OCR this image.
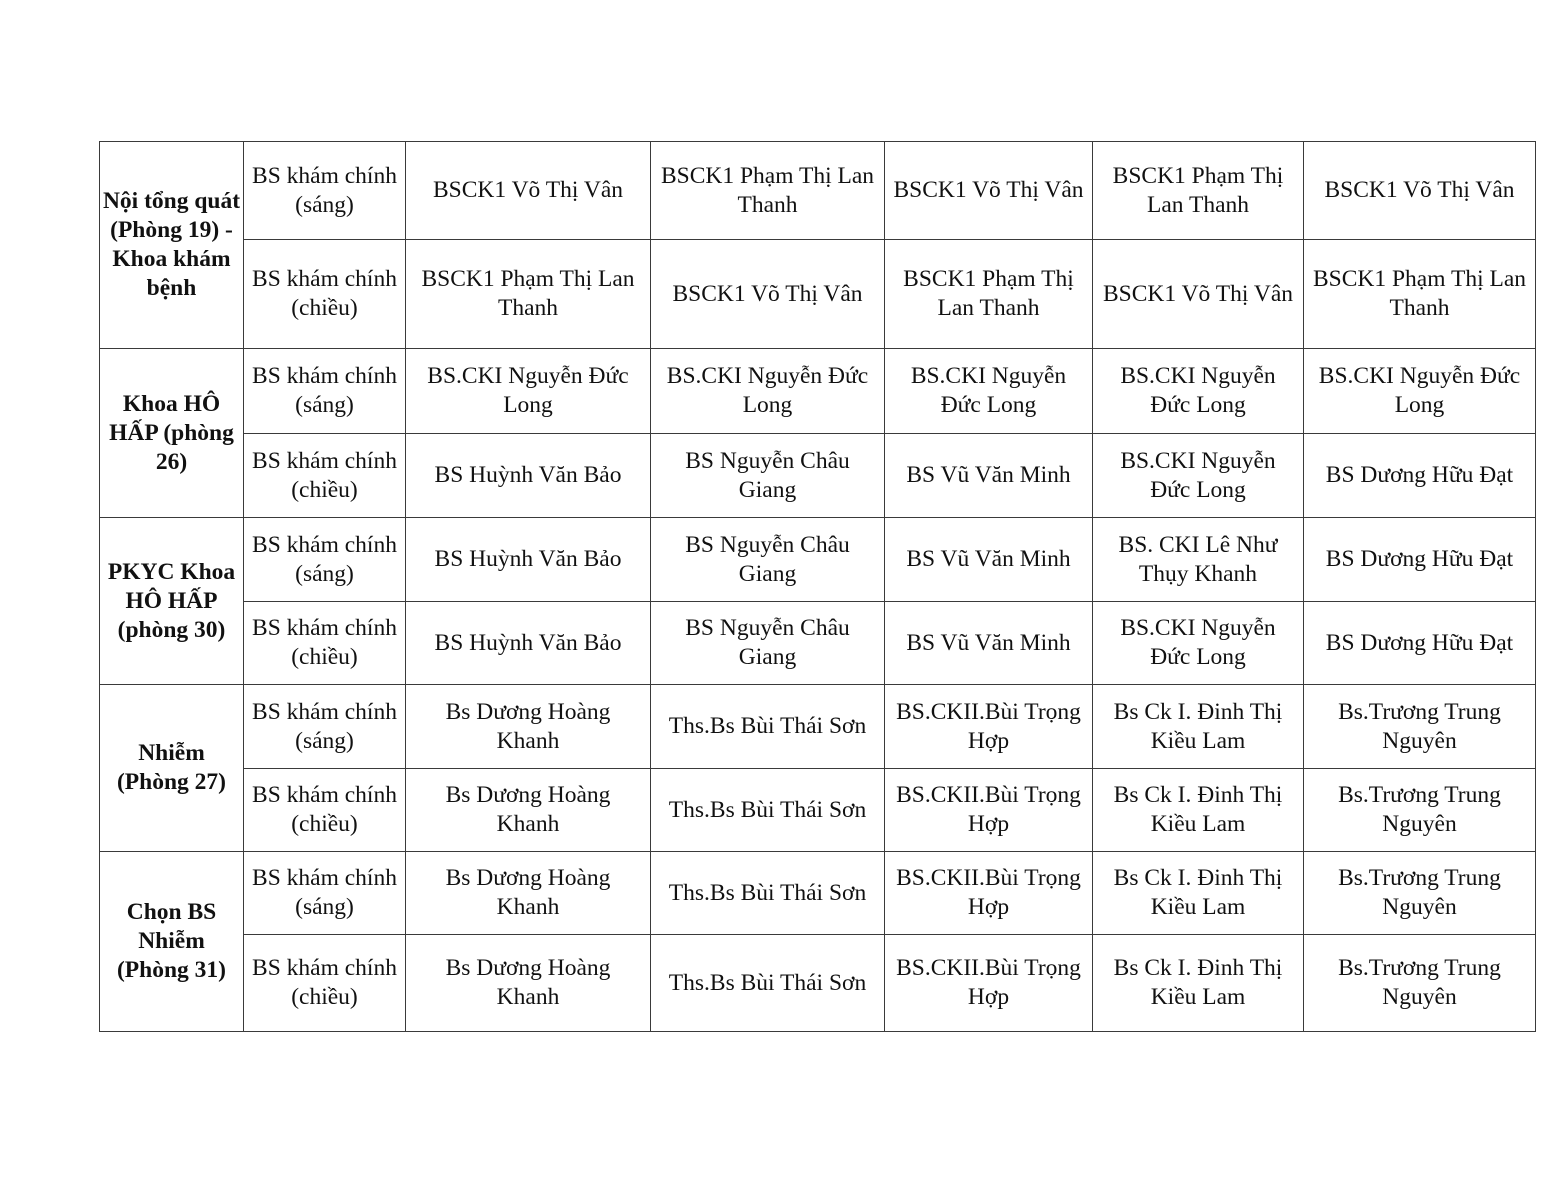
Nội tổng quát (Phòng 19) - Khoa khám bệnh	BS khám chính (sáng)	BSCK1 Võ Thị Vân	BSCK1 Phạm Thị Lan Thanh	BSCK1 Võ Thị Vân	BSCK1 Phạm Thị Lan Thanh	BSCK1 Võ Thị Vân
	BS khám chính (chiều)	BSCK1 Phạm Thị Lan Thanh	BSCK1 Võ Thị Vân	BSCK1 Phạm Thị Lan Thanh	BSCK1 Võ Thị Vân	BSCK1 Phạm Thị Lan Thanh
Khoa HÔ HẤP (phòng 26)	BS khám chính (sáng)	BS.CKI Nguyễn Đức Long	BS.CKI Nguyễn Đức Long	BS.CKI Nguyễn Đức Long	BS.CKI Nguyễn Đức Long	BS.CKI Nguyễn Đức Long
	BS khám chính (chiều)	BS Huỳnh Văn Bảo	BS Nguyễn Châu Giang	BS Vũ Văn Minh	BS.CKI Nguyễn Đức Long	BS Dương Hữu Đạt
PKYC Khoa HÔ HẤP (phòng 30)	BS khám chính (sáng)	BS Huỳnh Văn Bảo	BS Nguyễn Châu Giang	BS Vũ Văn Minh	BS. CKI Lê Như Thụy Khanh	BS Dương Hữu Đạt
	BS khám chính (chiều)	BS Huỳnh Văn Bảo	BS Nguyễn Châu Giang	BS Vũ Văn Minh	BS.CKI Nguyễn Đức Long	BS Dương Hữu Đạt
Nhiễm (Phòng 27)	BS khám chính (sáng)	Bs Dương Hoàng Khanh	Ths.Bs Bùi Thái Sơn	BS.CKII.Bùi Trọng Hợp	Bs Ck I. Đinh Thị Kiều Lam	Bs.Trương Trung Nguyên
	BS khám chính (chiều)	Bs Dương Hoàng Khanh	Ths.Bs Bùi Thái Sơn	BS.CKII.Bùi Trọng Hợp	Bs Ck I. Đinh Thị Kiều Lam	Bs.Trương Trung Nguyên
Chọn BS Nhiễm (Phòng 31)	BS khám chính (sáng)	Bs Dương Hoàng Khanh	Ths.Bs Bùi Thái Sơn	BS.CKII.Bùi Trọng Hợp	Bs Ck I. Đinh Thị Kiều Lam	Bs.Trương Trung Nguyên
	BS khám chính (chiều)	Bs Dương Hoàng Khanh	Ths.Bs Bùi Thái Sơn	BS.CKII.Bùi Trọng Hợp	Bs Ck I. Đinh Thị Kiều Lam	Bs.Trương Trung Nguyên
